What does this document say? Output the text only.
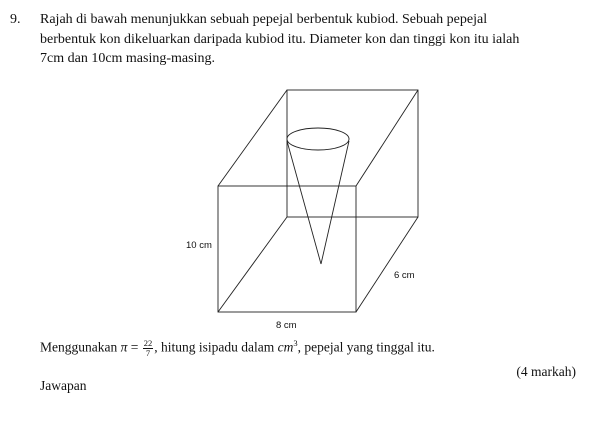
9. Rajah di bawah menunjukkan sebuah pepejal berbentuk kubiod. Sebuah pepejal
berbentuk kon dikeluarkan daripada kubiod itu. Diameter kon dan tinggi kon itu ialah
7cm dan 10cm masing-masing.
10 cm
6 cm
8 cm
Menggunakan $\pi = \frac{22}{7}$ , hitung isipadu dalam $cm^3$, pepejal yang tinggal itu.
(4 markah)
Jawapan
